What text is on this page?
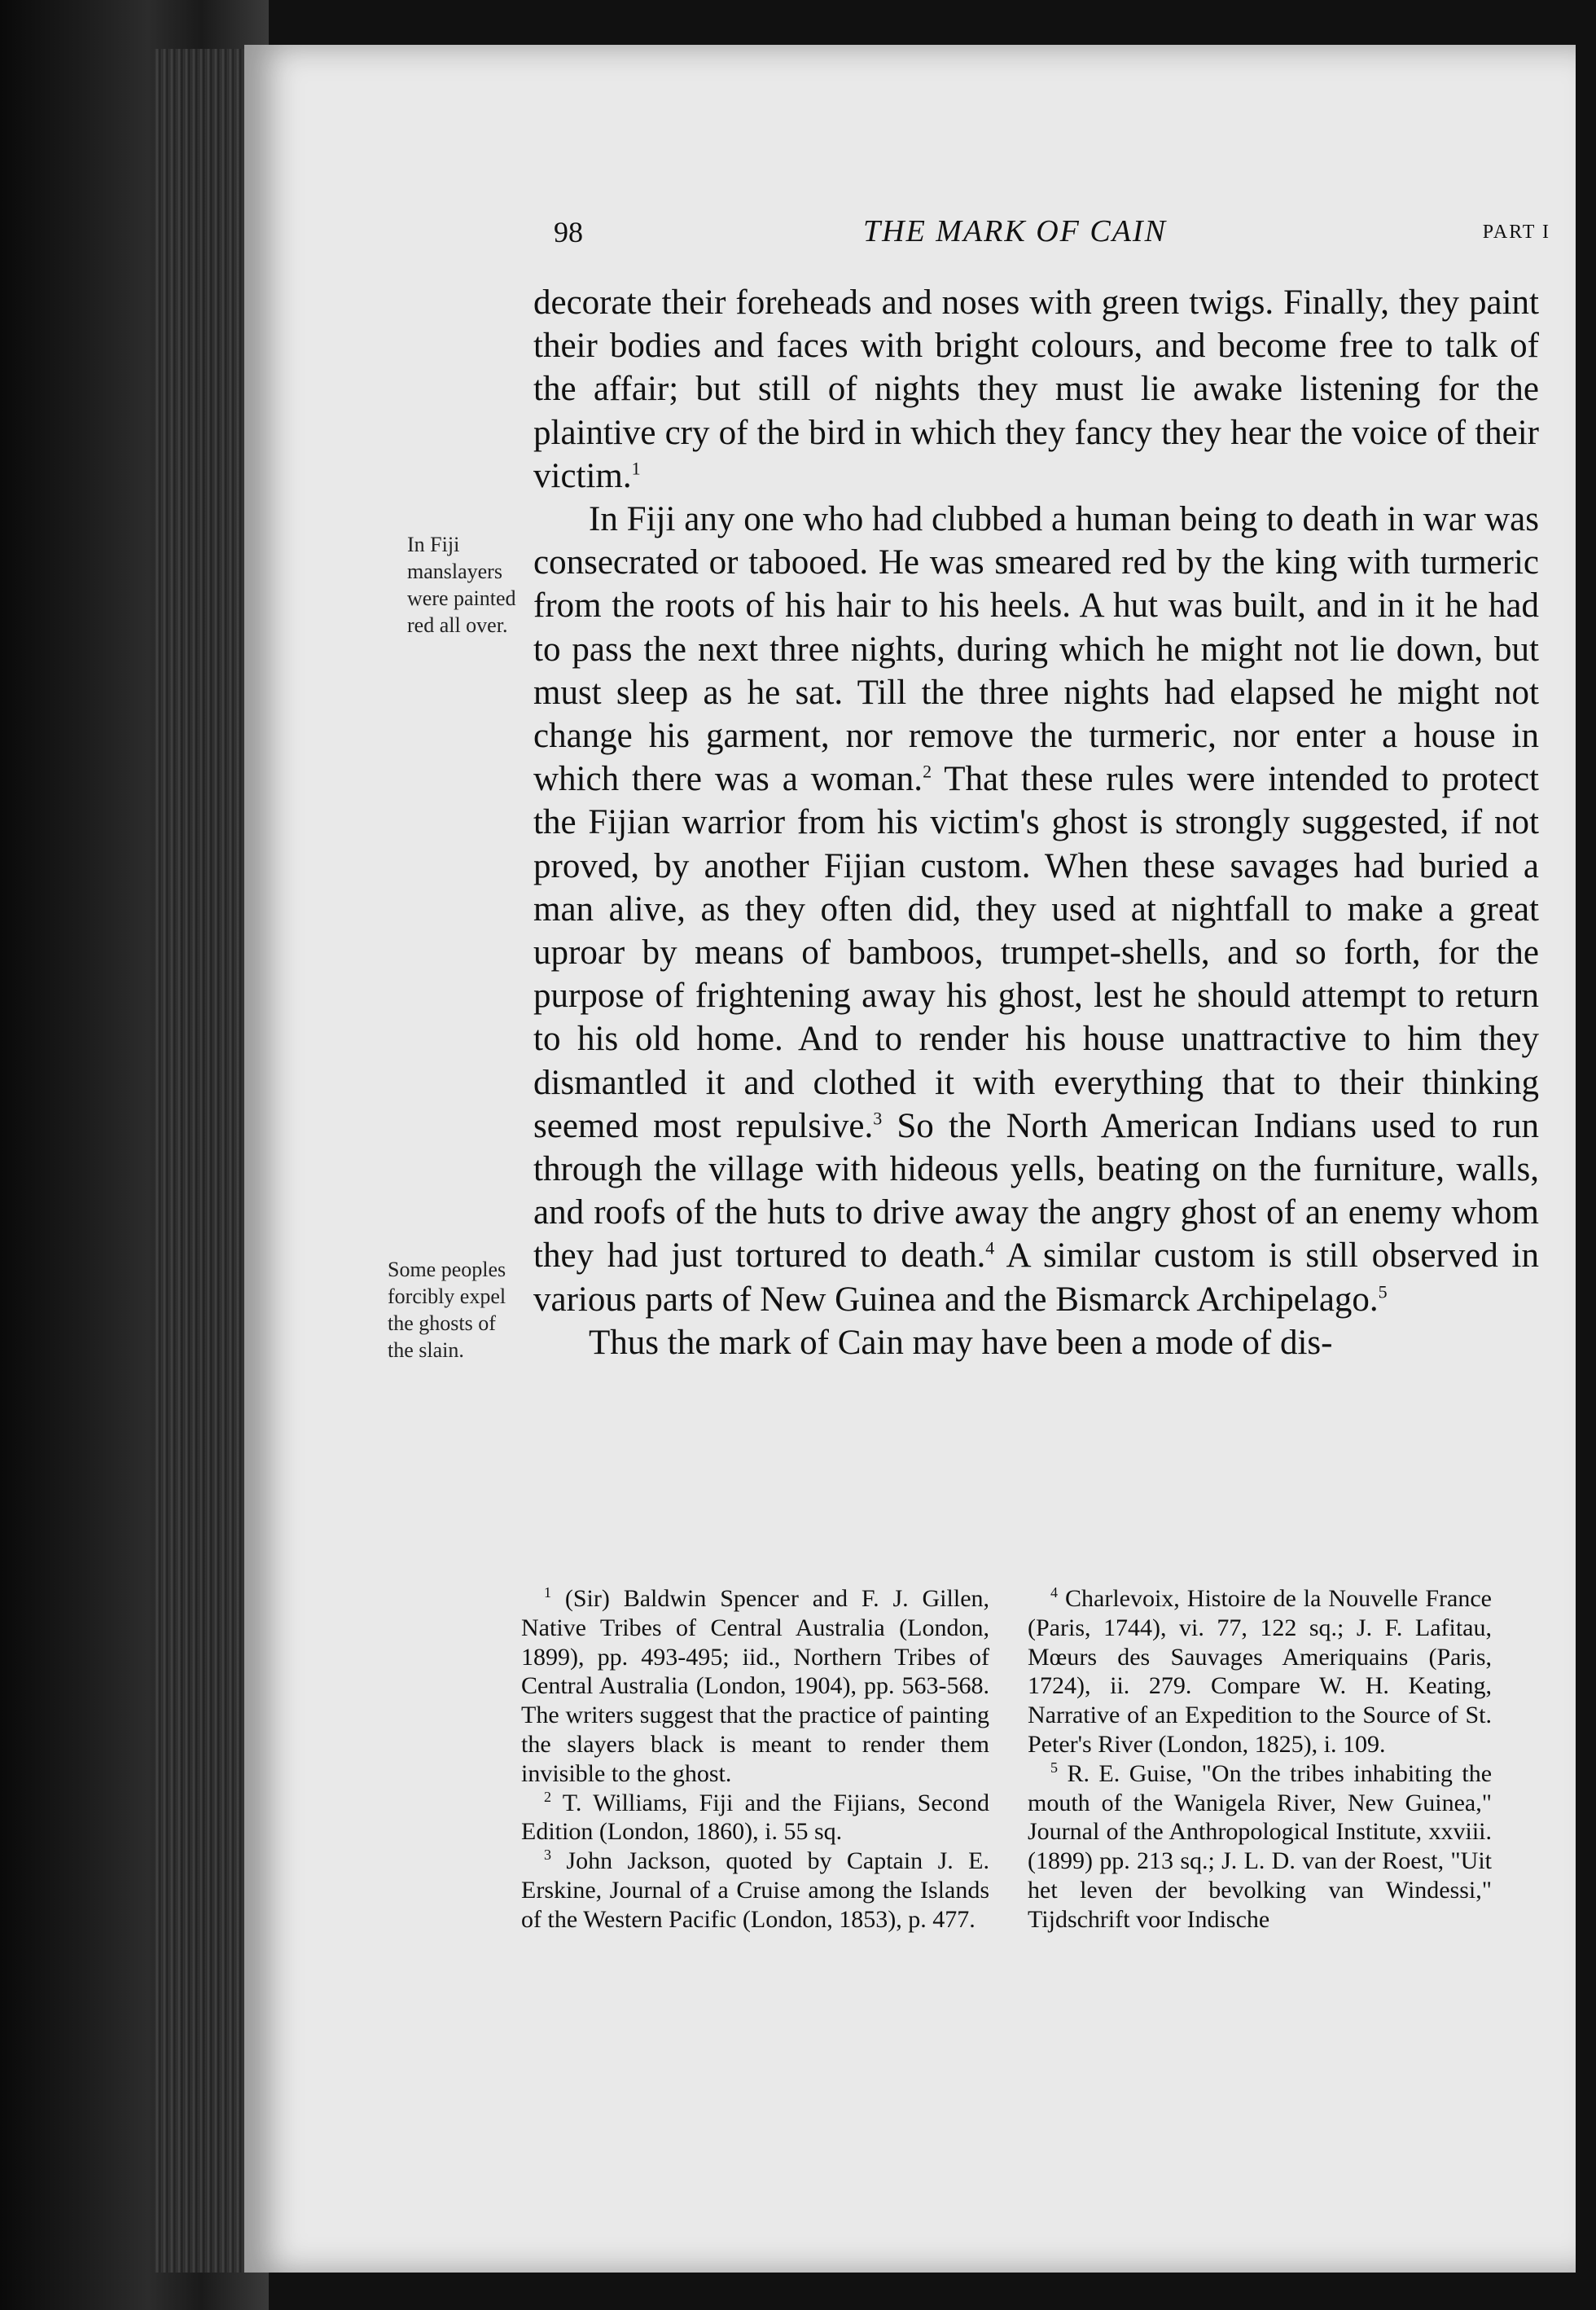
98	THE MARK OF CAIN	PART I
In Fiji manslayers were painted red all over.
Some peoples forcibly expel the ghosts of the slain.

decorate their foreheads and noses with green twigs. Finally, they paint their bodies and faces with bright colours, and become free to talk of the affair; but still of nights they must lie awake listening for the plaintive cry of the bird in which they fancy they hear the voice of their victim.$^1$

In Fiji any one who had clubbed a human being to death in war was consecrated or tabooed. He was smeared red by the king with turmeric from the roots of his hair to his heels. A hut was built, and in it he had to pass the next three nights, during which he might not lie down, but must sleep as he sat. Till the three nights had elapsed he might not change his garment, nor remove the turmeric, nor enter a house in which there was a woman.$^2$ That these rules were intended to protect the Fijian warrior from his victim's ghost is strongly suggested, if not proved, by another Fijian custom. When these savages had buried a man alive, as they often did, they used at nightfall to make a great uproar by means of bamboos, trumpet-shells, and so forth, for the purpose of frightening away his ghost, lest he should attempt to return to his old home. And to render his house unattractive to him they dismantled it and clothed it with everything that to their thinking seemed most repulsive.$^3$ So the North American Indians used to run through the village with hideous yells, beating on the furniture, walls, and roofs of the huts to drive away the angry ghost of an enemy whom they had just tortured to death.$^4$ A similar custom is still observed in various parts of New Guinea and the Bismarck Archipelago.$^5$

Thus the mark of Cain may have been a mode of dis-

$^1$ (Sir) Baldwin Spencer and F. J. Gillen, Native Tribes of Central Australia (London, 1899), pp. 493-495; iid., Northern Tribes of Central Australia (London, 1904), pp. 563-568. The writers suggest that the practice of painting the slayers black is meant to render them invisible to the ghost.

$^2$ T. Williams, Fiji and the Fijians, Second Edition (London, 1860), i. 55 sq.

$^3$ John Jackson, quoted by Captain J. E. Erskine, Journal of a Cruise among the Islands of the Western Pacific (London, 1853), p. 477.

$^4$ Charlevoix, Histoire de la Nouvelle France (Paris, 1744), vi. 77, 122 sq.; J. F. Lafitau, Mœurs des Sauvages Ameriquains (Paris, 1724), ii. 279. Compare W. H. Keating, Narrative of an Expedition to the Source of St. Peter's River (London, 1825), i. 109.

$^5$ R. E. Guise, "On the tribes inhabiting the mouth of the Wanigela River, New Guinea," Journal of the Anthropological Institute, xxviii. (1899) pp. 213 sq.; J. L. D. van der Roest, "Uit het leven der bevolking van Windessi," Tijdschrift voor Indische
